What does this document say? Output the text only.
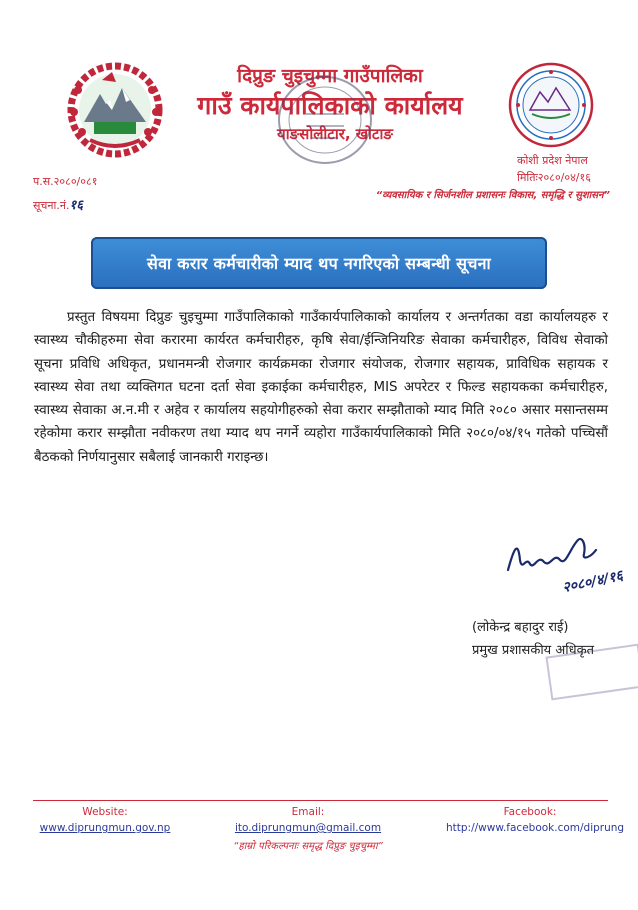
दिप्रुङ चुइचुम्मा गाउँपालिका
गाउँ कार्यपालिकाको कार्यालय
याङसोलीटार, खोटाङ
प.स.२०८०/०८१
सूचना.नं.१६
कोशी प्रदेश नेपाल
मितिः२०८०/०४/१६
“व्यवसायिक र सिर्जनशील प्रशासनः विकास, समृद्धि र सुशासन”
सेवा करार कर्मचारीको म्याद थप नगरिएको सम्बन्धी सूचना
प्रस्तुत विषयमा दिप्रुङ चुइचुम्मा गाउँपालिकाको गाउँकार्यपालिकाको कार्यालय र अन्तर्गतका वडा कार्यालयहरु र स्वास्थ्य चौकीहरुमा सेवा करारमा कार्यरत कर्मचारीहरु, कृषि सेवा/ईन्जिनियरिङ सेवाका कर्मचारीहरु, विविध सेवाको सूचना प्रविधि अधिकृत, प्रधानमन्त्री रोजगार कार्यक्रमका रोजगार संयोजक, रोजगार सहायक, प्राविधिक सहायक र स्वास्थ्य सेवा तथा व्यक्तिगत घटना दर्ता सेवा इकाईका कर्मचारीहरु, MIS अपरेटर र फिल्ड सहायकका कर्मचारीहरु, स्वास्थ्य सेवाका अ.न.मी र अहेव र कार्यालय सहयोगीहरुको सेवा करार सम्झौताको म्याद मिति २०८० असार मसान्तसम्म रहेकोमा करार सम्झौता नवीकरण तथा म्याद थप नगर्ने व्यहोरा गाउँकार्यपालिकाको मिति २०८०/०४/१५ गतेको पच्चिसौं बैठकको निर्णयानुसार सबैलाई जानकारी गराइन्छ।
२०८०/४/१६
(लोकेन्द्र बहादुर राई)
प्रमुख प्रशासकीय अधिकृत
Website:
www.diprungmun.gov.np
Email:
ito.diprungmun@gmail.com
“हाम्रो परिकल्पनाः समृद्ध दिप्रुङ चुइचुम्मा”
Facebook:
http://www.facebook.com/diprung
